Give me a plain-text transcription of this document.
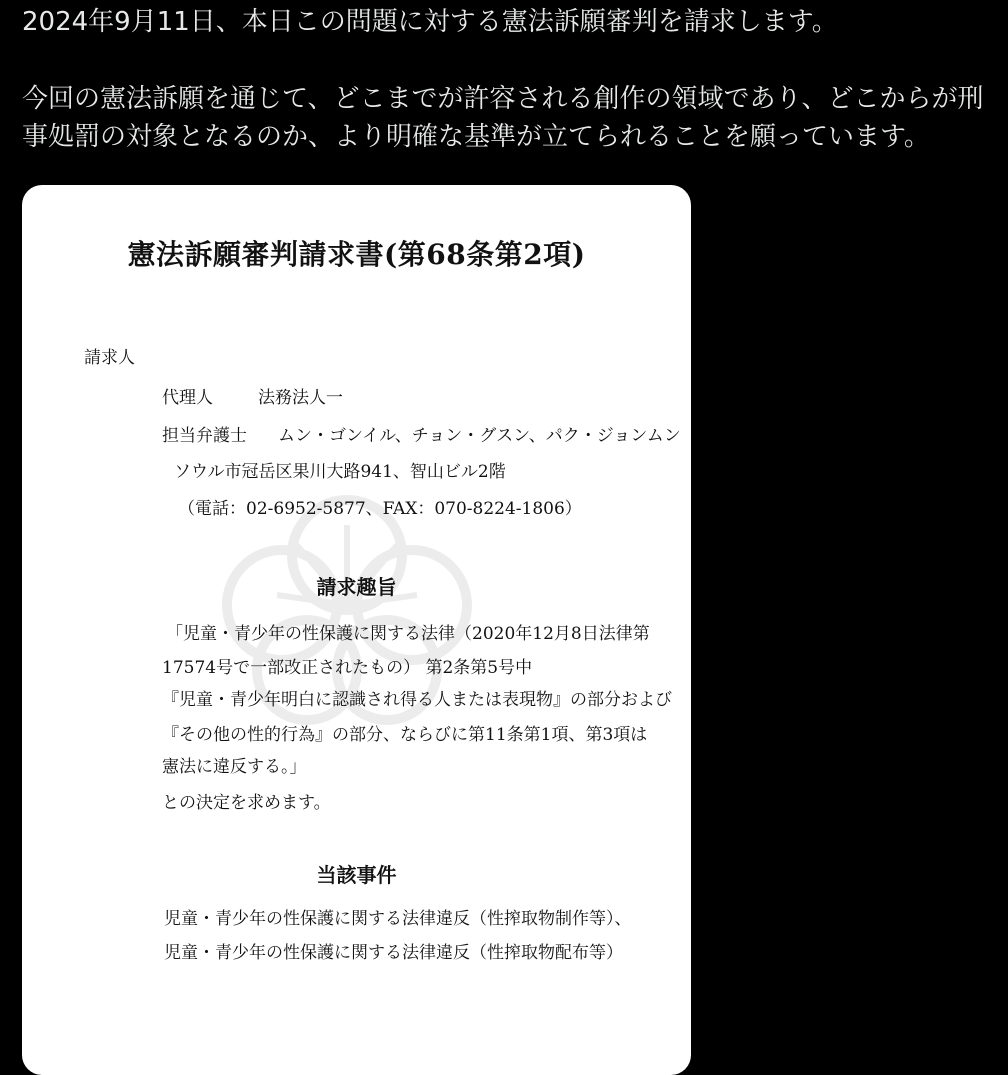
2024年9月11日、本日この問題に対する憲法訴願審判を請求します。

今回の憲法訴願を通じて、どこまでが許容される創作の領域であり、どこからが刑事処罰の対象となるのか、より明確な基準が立てられることを願っています。

憲法訴願審判請求書(第68条第2項)
請求人
代理人	法務法人一
担当弁護士 ムン・ゴンイル、チョン・グスン、パク・ジョンムン
ソウル市冠岳区果川大路941、智山ビル2階
（電話：02-6952-5877、FAX：070-8224-1806）
請求趣旨
「児童・青少年の性保護に関する法律（2020年12月8日法律第
17574号で一部改正されたもの） 第2条第5号中
『児童・青少年明白に認識され得る人または表現物』の部分および
『その他の性的行為』の部分、ならびに第11条第1項、第3項は
憲法に違反する。」
との決定を求めます。
当該事件
児童・青少年の性保護に関する法律違反（性搾取物制作等）、
児童・青少年の性保護に関する法律違反（性搾取物配布等）
